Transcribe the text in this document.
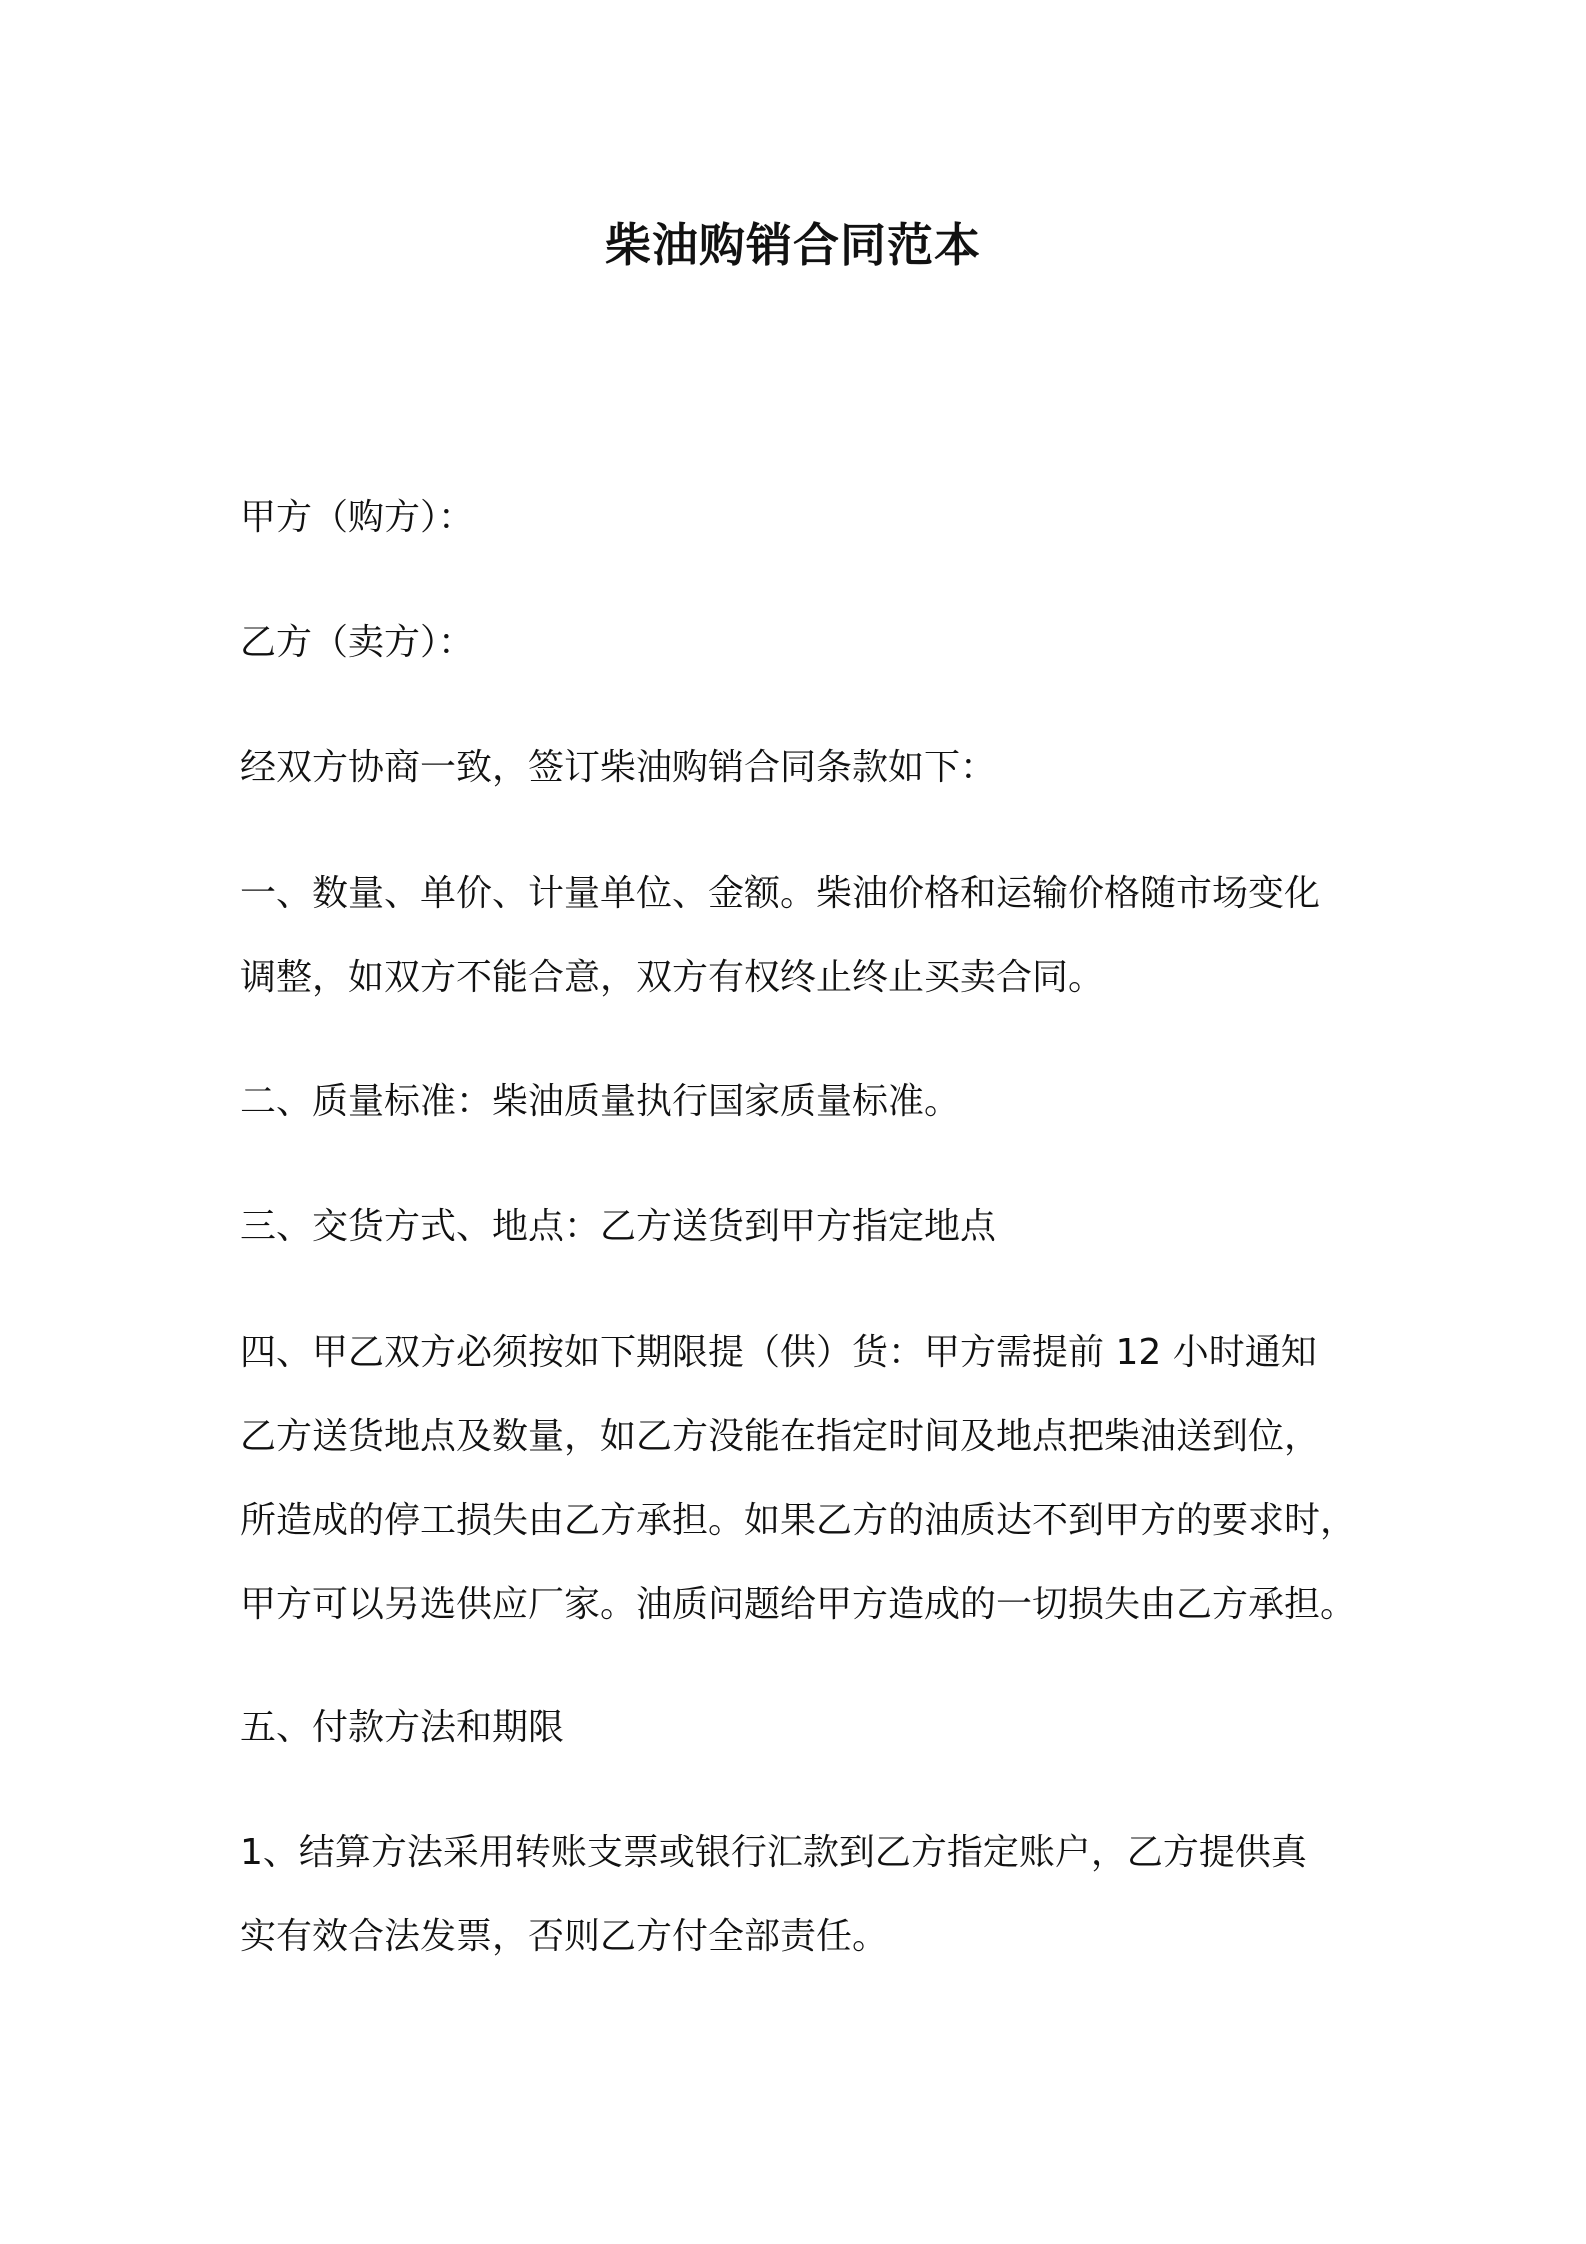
柴油购销合同范本
甲方（购方）：
乙方（卖方）：
经双方协商一致，签订柴油购销合同条款如下：
一、数量、单价、计量单位、金额。柴油价格和运输价格随市场变化
调整，如双方不能合意，双方有权终止终止买卖合同。
二、质量标准：柴油质量执行国家质量标准。
三、交货方式、地点：乙方送货到甲方指定地点
四、甲乙双方必须按如下期限提（供）货：甲方需提前 12 小时通知
乙方送货地点及数量，如乙方没能在指定时间及地点把柴油送到位，
所造成的停工损失由乙方承担。如果乙方的油质达不到甲方的要求时，
甲方可以另选供应厂家。油质问题给甲方造成的一切损失由乙方承担。
五、付款方法和期限
1、结算方法采用转账支票或银行汇款到乙方指定账户，乙方提供真
实有效合法发票，否则乙方付全部责任。
